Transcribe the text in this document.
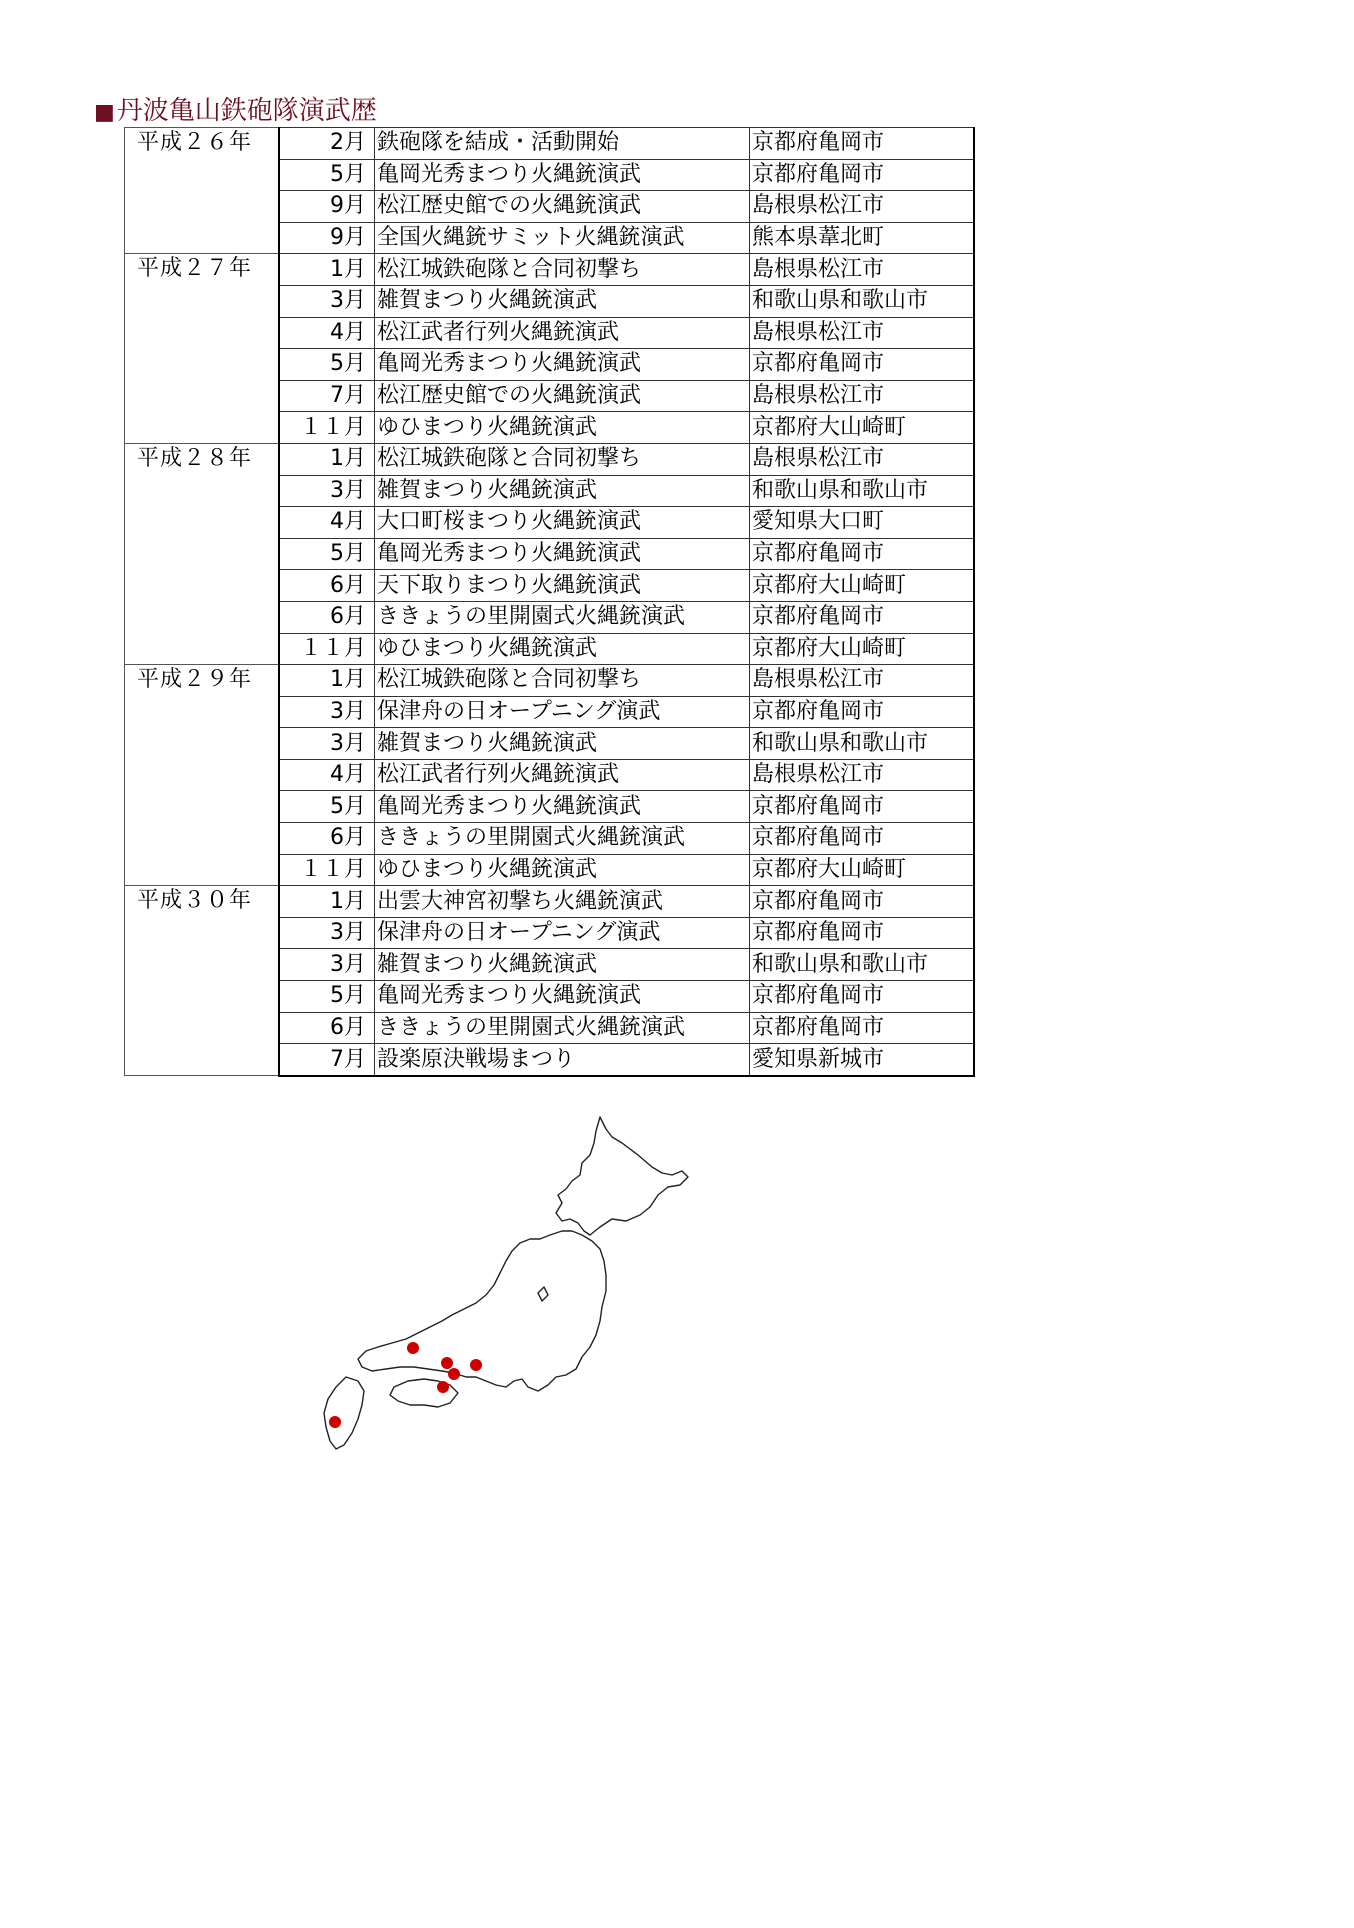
■丹波亀山鉄砲隊演武歴
平成２６年	2月	鉄砲隊を結成・活動開始	京都府亀岡市
	5月	亀岡光秀まつり火縄銃演武	京都府亀岡市
	9月	松江歴史館での火縄銃演武	島根県松江市
	9月	全国火縄銃サミット火縄銃演武	熊本県葦北町
平成２７年	1月	松江城鉄砲隊と合同初撃ち	島根県松江市
	3月	雑賀まつり火縄銃演武	和歌山県和歌山市
	4月	松江武者行列火縄銃演武	島根県松江市
	5月	亀岡光秀まつり火縄銃演武	京都府亀岡市
	7月	松江歴史館での火縄銃演武	島根県松江市
	１１月	ゆひまつり火縄銃演武	京都府大山崎町
平成２８年	1月	松江城鉄砲隊と合同初撃ち	島根県松江市
	3月	雑賀まつり火縄銃演武	和歌山県和歌山市
	4月	大口町桜まつり火縄銃演武	愛知県大口町
	5月	亀岡光秀まつり火縄銃演武	京都府亀岡市
	6月	天下取りまつり火縄銃演武	京都府大山崎町
	6月	ききょうの里開園式火縄銃演武	京都府亀岡市
	１１月	ゆひまつり火縄銃演武	京都府大山崎町
平成２９年	1月	松江城鉄砲隊と合同初撃ち	島根県松江市
	3月	保津舟の日オープニング演武	京都府亀岡市
	3月	雑賀まつり火縄銃演武	和歌山県和歌山市
	4月	松江武者行列火縄銃演武	島根県松江市
	5月	亀岡光秀まつり火縄銃演武	京都府亀岡市
	6月	ききょうの里開園式火縄銃演武	京都府亀岡市
	１１月	ゆひまつり火縄銃演武	京都府大山崎町
平成３０年	1月	出雲大神宮初撃ち火縄銃演武	京都府亀岡市
	3月	保津舟の日オープニング演武	京都府亀岡市
	3月	雑賀まつり火縄銃演武	和歌山県和歌山市
	5月	亀岡光秀まつり火縄銃演武	京都府亀岡市
	6月	ききょうの里開園式火縄銃演武	京都府亀岡市
	7月	設楽原決戦場まつり	愛知県新城市
